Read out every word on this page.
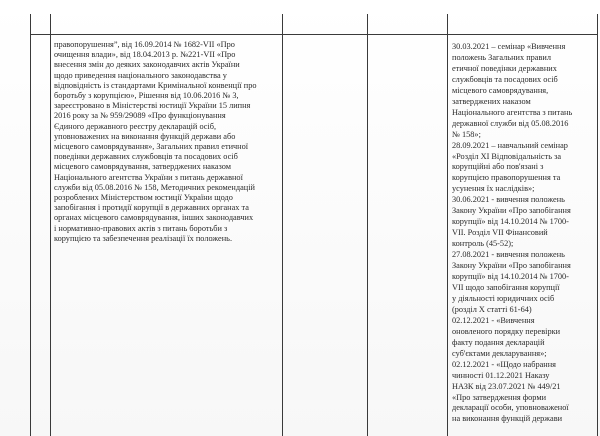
правопорушення”, від 16.09.2014 № 1682-VII «Про
очищення влади», від 18.04.2013 р. №221-VII «Про
внесення змін до деяких законодавчих актів України
щодо приведення національного законодавства у
відповідність із стандартами Кримінальної конвенції про
боротьбу з корупцією», Рішення від 10.06.2016 № 3,
зареєстровано в Міністерстві юстиції України 15 липня
2016 року за № 959/29089 «Про функціонування
Єдиного державного реєстру декларацій осіб,
уповноважених на виконання функцій держави або
місцевого самоврядування», Загальних правил етичної
поведінки державних службовців та посадових осіб
місцевого самоврядування, затверджених наказом
Національного агентства України з питань державної
служби від 05.08.2016 № 158, Методичних рекомендацій
розроблених Міністерством юстиції України щодо
запобігання і протидії корупції в державних органах та
органах місцевого самоврядування, інших законодавчих
і нормативно-правових актів з питань боротьби з
корупцією та забезпечення реалізації їх положень.
30.03.2021 – семінар «Вивчення
положень Загальних правил
етичної поведінки державних
службовців та посадових осіб
місцевого самоврядування,
затверджених наказом
Національного агентства з питань
державної служби від 05.08.2016
№ 158»;
28.09.2021 – навчальний семінар
«Розділ XI Відповідальність за
корупційні або пов'язані з
корупцією правопорушення та
усунення їх наслідків»;
30.06.2021 - вивчення положень
Закону України «Про запобігання
корупції» від 14.10.2014 № 1700-
VII. Розділ VII Фінансовий
контроль (45-52);
27.08.2021 - вивчення положень
Закону України «Про запобігання
корупції» від 14.10.2014 № 1700-
VII щодо запобігання корупції
у діяльності юридичних осіб
(розділ X статті 61-64)
02.12.2021 - «Вивчення
оновленого порядку перевірки
факту подання декларацій
суб'єктами декларування»;
02.12.2021 - «Щодо набрання
чинності 01.12.2021 Наказу
НАЗК від 23.07.2021 № 449/21
«Про затвердження форми
декларації особи, уповноваженої
на виконання функцій держави
